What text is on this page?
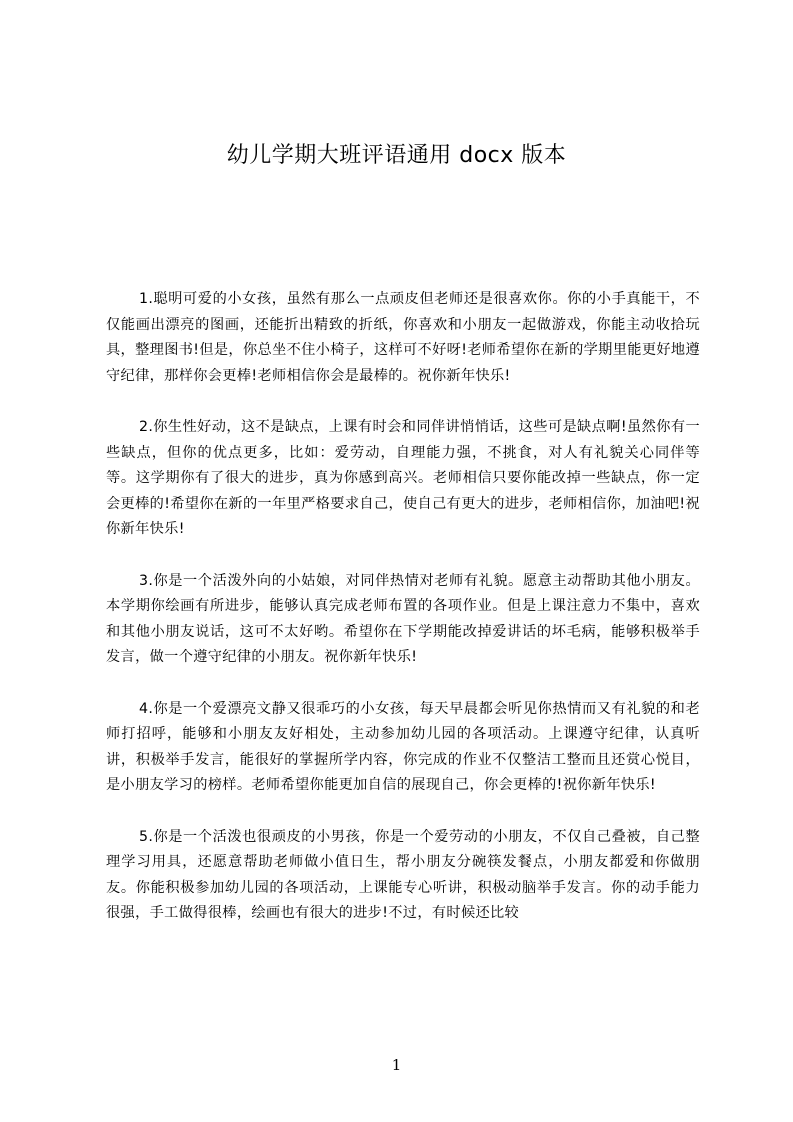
幼儿学期大班评语通用 docx 版本

1.聪明可爱的小女孩，虽然有那么一点顽皮但老师还是很喜欢你。你的小手真能干，不仅能画出漂亮的图画，还能折出精致的折纸，你喜欢和小朋友一起做游戏，你能主动收拾玩具，整理图书!但是，你总坐不住小椅子，这样可不好呀!老师希望你在新的学期里能更好地遵守纪律，那样你会更棒!老师相信你会是最棒的。祝你新年快乐!

2.你生性好动，这不是缺点，上课有时会和同伴讲悄悄话，这些可是缺点啊!虽然你有一些缺点，但你的优点更多，比如：爱劳动，自理能力强，不挑食，对人有礼貌关心同伴等等。这学期你有了很大的进步，真为你感到高兴。老师相信只要你能改掉一些缺点，你一定会更棒的!希望你在新的一年里严格要求自己，使自己有更大的进步，老师相信你，加油吧!祝你新年快乐!

3.你是一个活泼外向的小姑娘，对同伴热情对老师有礼貌。愿意主动帮助其他小朋友。本学期你绘画有所进步，能够认真完成老师布置的各项作业。但是上课注意力不集中，喜欢和其他小朋友说话，这可不太好哟。希望你在下学期能改掉爱讲话的坏毛病，能够积极举手发言，做一个遵守纪律的小朋友。祝你新年快乐!

4.你是一个爱漂亮文静又很乖巧的小女孩，每天早晨都会听见你热情而又有礼貌的和老师打招呼，能够和小朋友友好相处，主动参加幼儿园的各项活动。上课遵守纪律，认真听讲，积极举手发言，能很好的掌握所学内容，你完成的作业不仅整洁工整而且还赏心悦目，是小朋友学习的榜样。老师希望你能更加自信的展现自己，你会更棒的!祝你新年快乐!

5.你是一个活泼也很顽皮的小男孩，你是一个爱劳动的小朋友，不仅自己叠被，自己整理学习用具，还愿意帮助老师做小值日生，帮小朋友分碗筷发餐点，小朋友都爱和你做朋友。你能积极参加幼儿园的各项活动，上课能专心听讲，积极动脑举手发言。你的动手能力很强，手工做得很棒，绘画也有很大的进步!不过，有时候还比较

1
